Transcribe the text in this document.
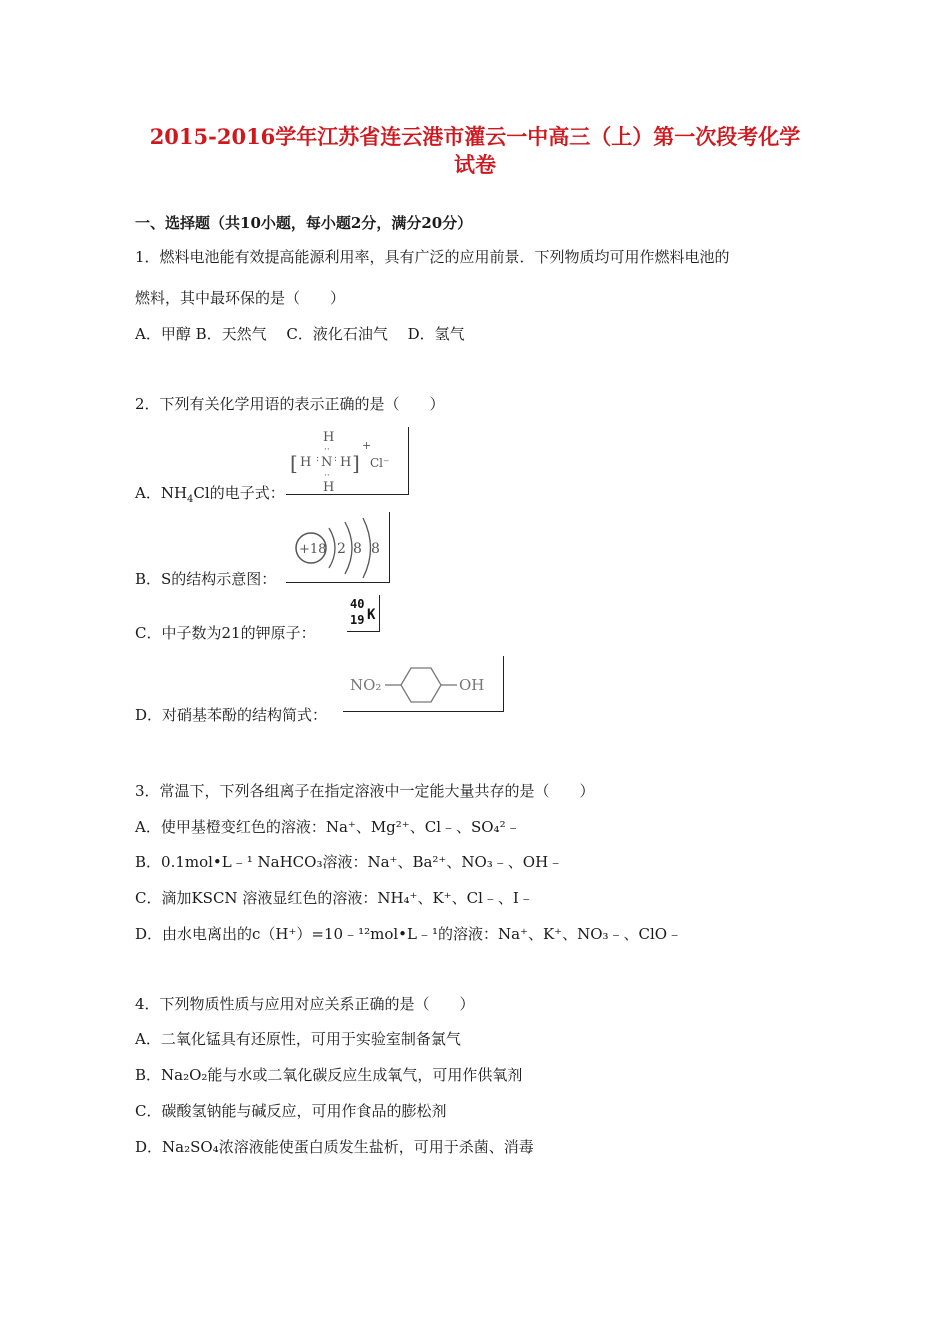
2015-2016学年江苏省连云港市灌云一中高三（上）第一次段考化学
试卷
一、选择题（共10小题，每小题2分，满分20分）
1．燃料电池能有效提高能源利用率，具有广泛的应用前景．下列物质均可用作燃料电池的
燃料，其中最环保的是（　　）
A．甲醇 B．天然气　 C．液化石油气　 D．氢气
2．下列有关化学用语的表示正确的是（　　）
A．$NH_4Cl$的电子式：
[ H : N : H
H
··
··
H
]
+
Cl⁻
B．S的结构示意图：
+18 2 8 8
C．中子数为21的钾原子：
40
19 K
D．对硝基苯酚的结构简式：
NO₂	OH
3．常温下，下列各组离子在指定溶液中一定能大量共存的是（　　）
A．使甲基橙变红色的溶液：Na⁺、Mg²⁺、Cl﹣、SO₄²﹣
B．0.1mol•L﹣¹ NaHCO₃溶液：Na⁺、Ba²⁺、NO₃﹣、OH﹣
C．滴加KSCN 溶液显红色的溶液：NH₄⁺、K⁺、Cl﹣、I﹣
D．由水电离出的c（H⁺）=10﹣¹²mol•L﹣¹的溶液：Na⁺、K⁺、NO₃﹣、ClO﹣
4．下列物质性质与应用对应关系正确的是（　　）
A．二氧化锰具有还原性，可用于实验室制备氯气
B．Na₂O₂能与水或二氧化碳反应生成氧气，可用作供氧剂
C．碳酸氢钠能与碱反应，可用作食品的膨松剂
D．Na₂SO₄浓溶液能使蛋白质发生盐析，可用于杀菌、消毒
